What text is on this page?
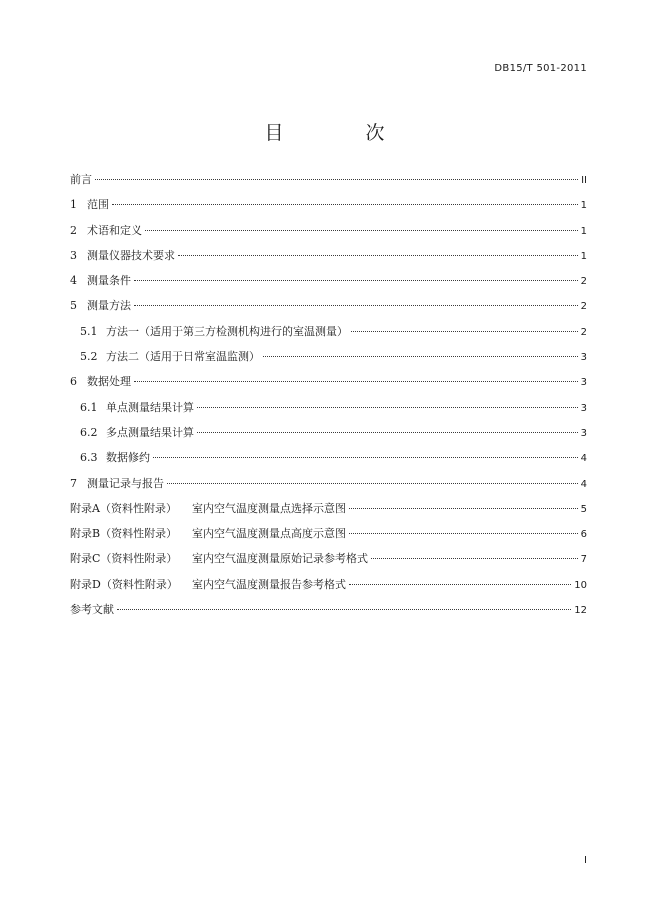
DB15/T 501-2011
目 次
前言	II
1 范围	1
2 术语和定义	1
3 测量仪器技术要求	1
4 测量条件	2
5 测量方法	2
5.1 方法一（适用于第三方检测机构进行的室温测量）	2
5.2 方法二（适用于日常室温监测）	3
6 数据处理	3
6.1 单点测量结果计算	3
6.2 多点测量结果计算	3
6.3 数据修约	4
7 测量记录与报告	4
附录A（资料性附录） 室内空气温度测量点选择示意图	5
附录B（资料性附录） 室内空气温度测量点高度示意图	6
附录C（资料性附录） 室内空气温度测量原始记录参考格式	7
附录D（资料性附录） 室内空气温度测量报告参考格式	10
参考文献	12
I
